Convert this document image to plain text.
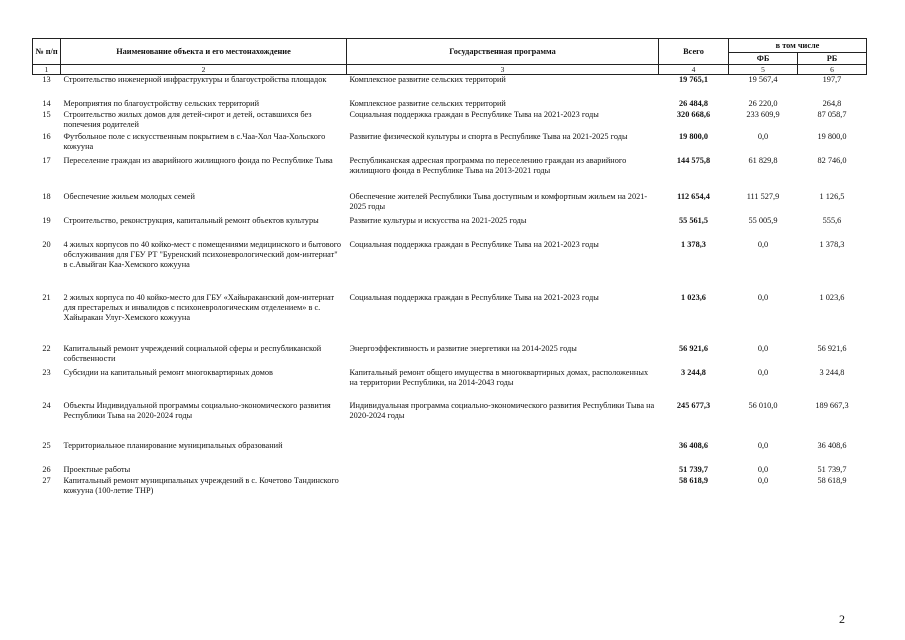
№ п/п	Наименование объекта и его местонахождение	Государственная программа	Всего	в том числе	
				ФБ	РБ
1	2	3	4	5	6
13	Строительство инженерной инфраструктуры и благоустройства площадок	Комплексное развитие сельских территорий	19 765,1	19 567,4	197,7
14	Мероприятия по благоустройству сельских территорий	Комплексное развитие сельских территорий	26 484,8	26 220,0	264,8
15	Строительство жилых домов для детей-сирот и детей, оставшихся без попечения родителей	Социальная поддержка граждан в Республике Тыва на 2021-2023 годы	320 668,6	233 609,9	87 058,7
16	Футбольное поле с искусственным покрытием в с.Чаа-Хол Чаа-Хольского кожууна	Развитие физической культуры и спорта в Республике Тыва на 2021-2025 годы	19 800,0	0,0	19 800,0
17	Переселение граждан из аварийного жилищного фонда по Республике Тыва	Республиканская адресная программа по переселению граждан из аварийного жилищного фонда в Республике Тыва на 2013-2021 годы	144 575,8	61 829,8	82 746,0
18	Обеспечение жильем молодых семей	Обеспечение жителей Республики Тыва доступным и комфортным жильем на 2021-2025 годы	112 654,4	111 527,9	1 126,5
19	Строительство, реконструкция, капитальный ремонт объектов культуры	Развитие культуры и искусства на 2021-2025 годы	55 561,5	55 005,9	555,6
20	4 жилых корпусов по 40 койко-мест с помещениями медицинского и бытового обслуживания для ГБУ РТ "Буренский психоневрологический дом-интернат" в с.Авыйган Каа-Хемского кожууна	Социальная поддержка граждан в Республике Тыва на 2021-2023 годы	1 378,3	0,0	1 378,3
21	2 жилых корпуса по 40 койко-место для ГБУ «Хайыраканский дом-интернат для престарелых и инвалидов с психоневрологическим отделением» в с. Хайыракан Улуг-Хемского кожууна	Социальная поддержка граждан в Республике Тыва на 2021-2023 годы	1 023,6	0,0	1 023,6
22	Капитальный ремонт учреждений социальной сферы и республиканской собственности	Энергоэффективность и развитие энергетики на 2014-2025 годы	56 921,6	0,0	56 921,6
23	Субсидии на капитальный ремонт многоквартирных домов	Капитальный ремонт общего имущества в многоквартирных домах, расположенных на территории Республики, на 2014-2043 годы	3 244,8	0,0	3 244,8
24	Объекты Индивидуальной программы социально-экономического развития Республики Тыва на 2020-2024 годы	Индивидуальная программа социально-экономического развития Республики Тыва на 2020-2024 годы	245 677,3	56 010,0	189 667,3
25	Территориальное планирование муниципальных образований		36 408,6	0,0	36 408,6
26	Проектные работы		51 739,7	0,0	51 739,7
27	Капитальный ремонт муниципальных учреждений в с. Кочетово Тандинского кожууна (100-летие ТНР)		58 618,9	0,0	58 618,9
2
